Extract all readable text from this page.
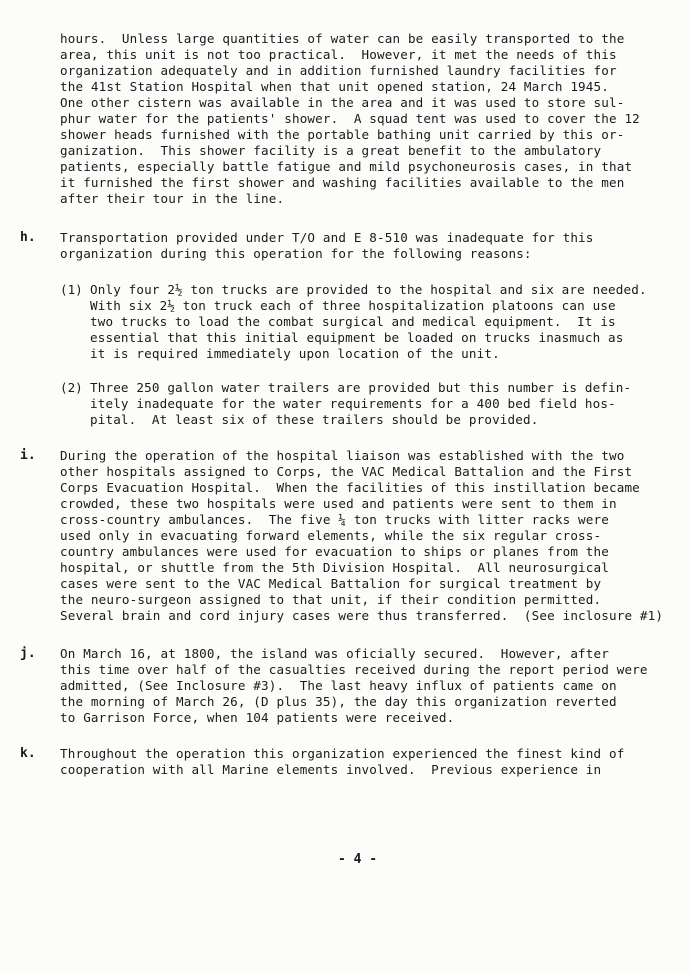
hours.  Unless large quantities of water can be easily transported to the
area, this unit is not too practical.  However, it met the needs of this
organization adequately and in addition furnished laundry facilities for
the 41st Station Hospital when that unit opened station, 24 March 1945.
One other cistern was available in the area and it was used to store sul-
phur water for the patients' shower.  A squad tent was used to cover the 12
shower heads furnished with the portable bathing unit carried by this or-
ganization.  This shower facility is a great benefit to the ambulatory
patients, especially battle fatigue and mild psychoneurosis cases, in that
it furnished the first shower and washing facilities available to the men
after their tour in the line.
h. Transportation provided under T/O and E 8-510 was inadequate for this
organization during this operation for the following reasons:
(1) Only four 2½ ton trucks are provided to the hospital and six are needed.
With six 2½ ton truck each of three hospitalization platoons can use
two trucks to load the combat surgical and medical equipment.  It is
essential that this initial equipment be loaded on trucks inasmuch as
it is required immediately upon location of the unit.
(2) Three 250 gallon water trailers are provided but this number is defin-
itely inadequate for the water requirements for a 400 bed field hos-
pital.  At least six of these trailers should be provided.
i. During the operation of the hospital liaison was established with the two
other hospitals assigned to Corps, the VAC Medical Battalion and the First
Corps Evacuation Hospital.  When the facilities of this instillation became
crowded, these two hospitals were used and patients were sent to them in
cross-country ambulances.  The five ¼ ton trucks with litter racks were
used only in evacuating forward elements, while the six regular cross-
country ambulances were used for evacuation to ships or planes from the
hospital, or shuttle from the 5th Division Hospital.  All neurosurgical
cases were sent to the VAC Medical Battalion for surgical treatment by
the neuro-surgeon assigned to that unit, if their condition permitted.
Several brain and cord injury cases were thus transferred.  (See inclosure #1)
j. On March 16, at 1800, the island was oficially secured.  However, after
this time over half of the casualties received during the report period were
admitted, (See Inclosure #3).  The last heavy influx of patients came on
the morning of March 26, (D plus 35), the day this organization reverted
to Garrison Force, when 104 patients were received.
k. Throughout the operation this organization experienced the finest kind of
cooperation with all Marine elements involved.  Previous experience in
- 4 -
